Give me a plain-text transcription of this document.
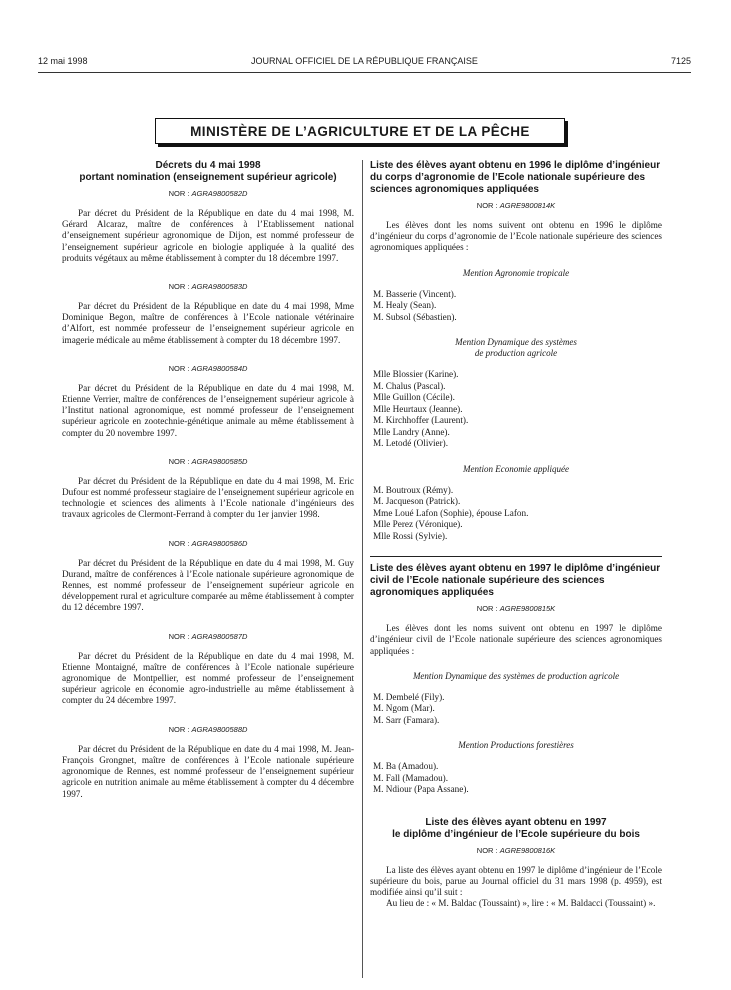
12 mai 1998	JOURNAL OFFICIEL DE LA RÉPUBLIQUE FRANÇAISE	7125
MINISTÈRE DE L’AGRICULTURE ET DE LA PÊCHE
Décrets du 4 mai 1998
portant nomination (enseignement supérieur agricole)
NOR : AGRA9800582D

Par décret du Président de la République en date du 4 mai 1998, M. Gérard Alcaraz, maître de conférences à l’Etablissement national d’enseignement supérieur agronomique de Dijon, est nommé professeur de l’enseignement supérieur agricole en biologie appliquée à la qualité des produits végétaux au même établissement à compter du 18 décembre 1997.

NOR : AGRA9800583D

Par décret du Président de la République en date du 4 mai 1998, Mme Dominique Begon, maître de conférences à l’Ecole nationale vétérinaire d’Alfort, est nommée professeur de l’enseignement supérieur agricole en imagerie médicale au même établissement à compter du 18 décembre 1997.

NOR : AGRA9800584D

Par décret du Président de la République en date du 4 mai 1998, M. Etienne Verrier, maître de conférences de l’enseignement supérieur agricole à l’Institut national agronomique, est nommé professeur de l’enseignement supérieur agricole en zootechnie-génétique animale au même établissement à compter du 20 novembre 1997.

NOR : AGRA9800585D

Par décret du Président de la République en date du 4 mai 1998, M. Eric Dufour est nommé professeur stagiaire de l’enseignement supérieur agricole en technologie et sciences des aliments à l’Ecole nationale d’ingénieurs des travaux agricoles de Clermont-Ferrand à compter du 1er janvier 1998.

NOR : AGRA9800586D

Par décret du Président de la République en date du 4 mai 1998, M. Guy Durand, maître de conférences à l’Ecole nationale supérieure agronomique de Rennes, est nommé professeur de l’enseignement supérieur agricole en développement rural et agriculture comparée au même établissement à compter du 12 décembre 1997.

NOR : AGRA9800587D

Par décret du Président de la République en date du 4 mai 1998, M. Etienne Montaigné, maître de conférences à l’Ecole nationale supérieure agronomique de Montpellier, est nommé professeur de l’enseignement supérieur agricole en économie agro-industrielle au même établissement à compter du 24 décembre 1997.

NOR : AGRA9800588D

Par décret du Président de la République en date du 4 mai 1998, M. Jean-François Grongnet, maître de conférences à l’Ecole nationale supérieure agronomique de Rennes, est nommé professeur de l’enseignement supérieur agricole en nutrition animale au même établissement à compter du 4 décembre 1997.

Liste des élèves ayant obtenu en 1996 le diplôme d’ingénieur du corps d’agronomie de l’Ecole nationale supérieure des sciences agronomiques appliquées
NOR : AGRE9800814K

Les élèves dont les noms suivent ont obtenu en 1996 le diplôme d’ingénieur du corps d’agronomie de l’Ecole nationale supérieure des sciences agronomiques appliquées :

Mention Agronomie tropicale
M. Basserie (Vincent).
M. Healy (Sean).
M. Subsol (Sébastien).
Mention Dynamique des systèmes
de production agricole
Mlle Blossier (Karine).
M. Chalus (Pascal).
Mlle Guillon (Cécile).
Mlle Heurtaux (Jeanne).
M. Kirchhoffer (Laurent).
Mlle Landry (Anne).
M. Letodé (Olivier).
Mention Economie appliquée
M. Boutroux (Rémy).
M. Jacqueson (Patrick).
Mme Loué Lafon (Sophie), épouse Lafon.
Mlle Perez (Véronique).
Mlle Rossi (Sylvie).
Liste des élèves ayant obtenu en 1997 le diplôme d’ingénieur civil de l’Ecole nationale supérieure des sciences agronomiques appliquées
NOR : AGRE9800815K

Les élèves dont les noms suivent ont obtenu en 1997 le diplôme d’ingénieur civil de l’Ecole nationale supérieure des sciences agronomiques appliquées :

Mention Dynamique des systèmes de production agricole
M. Dembelé (Fily).
M. Ngom (Mar).
M. Sarr (Famara).
Mention Productions forestières
M. Ba (Amadou).
M. Fall (Mamadou).
M. Ndiour (Papa Assane).
Liste des élèves ayant obtenu en 1997
le diplôme d’ingénieur de l’Ecole supérieure du bois
NOR : AGRE9800816K

La liste des élèves ayant obtenu en 1997 le diplôme d’ingénieur de l’Ecole supérieure du bois, parue au Journal officiel du 31 mars 1998 (p. 4959), est modifiée ainsi qu’il suit :

Au lieu de : « M. Baldac (Toussaint) », lire : « M. Baldacci (Toussaint) ».
